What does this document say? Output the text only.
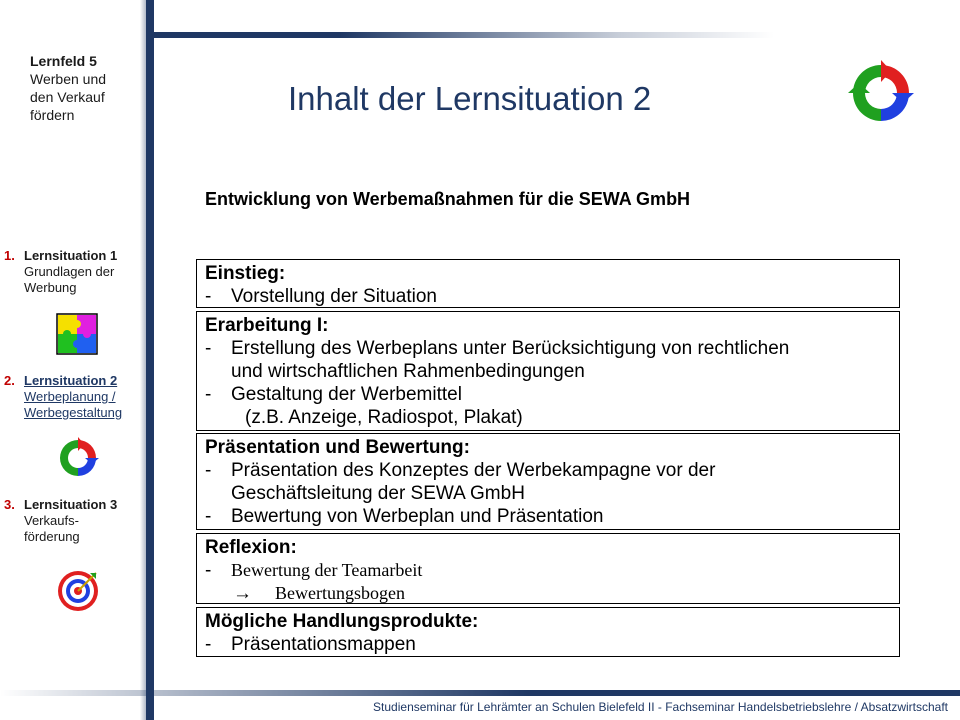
Lernfeld 5
Werben und
den Verkauf
fördern
1. Lernsituation 1
Grundlagen der
Werbung
2. Lernsituation 2
Werbeplanung /
Werbegestaltung
3. Lernsituation 3
Verkaufs-
förderung
Inhalt der Lernsituation 2
Entwicklung von Werbemaßnahmen für die SEWA GmbH
Einstieg:
-	Vorstellung der Situation
Erarbeitung I:
-	Erstellung des Werbeplans unter Berücksichtigung von rechtlichen
und wirtschaftlichen Rahmenbedingungen
-	Gestaltung der Werbemittel
(z.B. Anzeige, Radiospot, Plakat)
Präsentation und Bewertung:
-	Präsentation des Konzeptes der Werbekampagne vor der
Geschäftsleitung der SEWA GmbH
-	Bewertung von Werbeplan und Präsentation
Reflexion:
-	Bewertung der Teamarbeit
→	Bewertungsbogen
Mögliche Handlungsprodukte:
-	Präsentationsmappen
Studienseminar für Lehrämter an Schulen Bielefeld II - Fachseminar Handelsbetriebslehre / Absatzwirtschaft
